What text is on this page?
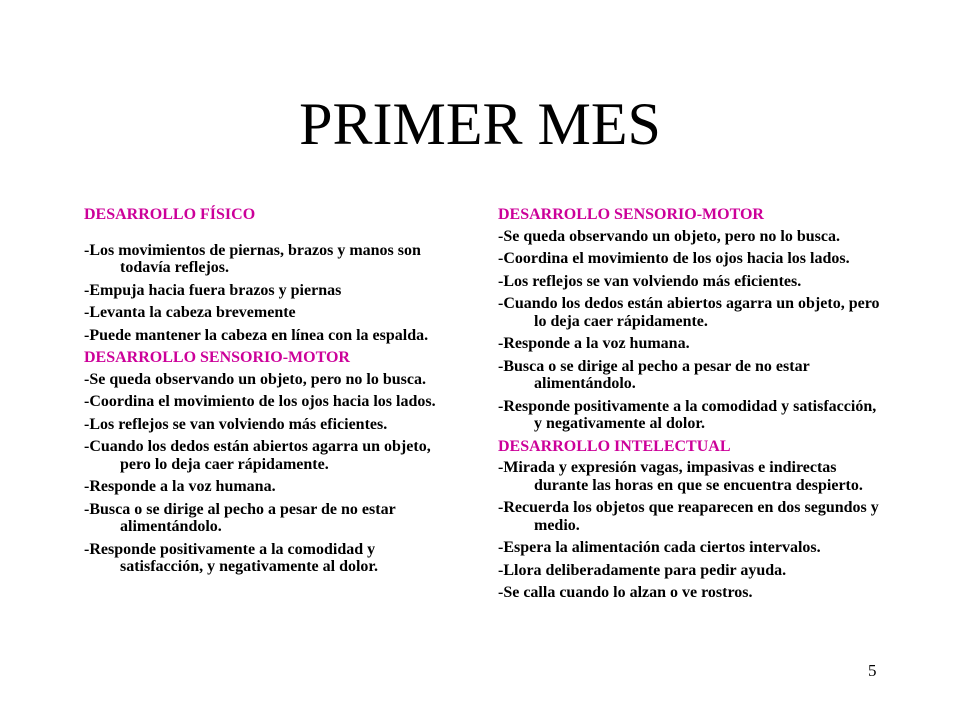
PRIMER MES
DESARROLLO FÍSICO
-Los movimientos de piernas, brazos y manos son todavía reflejos.
-Empuja hacia fuera brazos y piernas
-Levanta la cabeza brevemente
-Puede mantener la cabeza en línea con la espalda.
DESARROLLO SENSORIO-MOTOR
-Se queda observando un objeto, pero no lo busca.
-Coordina el movimiento de los ojos hacia los lados.
-Los reflejos se van volviendo más eficientes.
-Cuando los dedos están abiertos agarra un objeto, pero lo deja caer rápidamente.
-Responde a la voz humana.
-Busca o se dirige al pecho a pesar de no estar alimentándolo.
-Responde positivamente a la comodidad y satisfacción, y negativamente al dolor.
DESARROLLO SENSORIO-MOTOR
-Se queda observando un objeto, pero no lo busca.
-Coordina el movimiento de los ojos hacia los lados.
-Los reflejos se van volviendo más eficientes.
-Cuando los dedos están abiertos agarra un objeto, pero lo deja caer rápidamente.
-Responde a la voz humana.
-Busca o se dirige al pecho a pesar de no estar alimentándolo.
-Responde positivamente a la comodidad y satisfacción, y negativamente al dolor.
DESARROLLO INTELECTUAL
-Mirada y expresión vagas, impasivas e indirectas durante las horas en que se encuentra despierto.
-Recuerda los objetos que reaparecen en dos segundos y medio.
-Espera la alimentación cada ciertos intervalos.
-Llora deliberadamente para pedir ayuda.
-Se calla cuando lo alzan o ve rostros.
5
